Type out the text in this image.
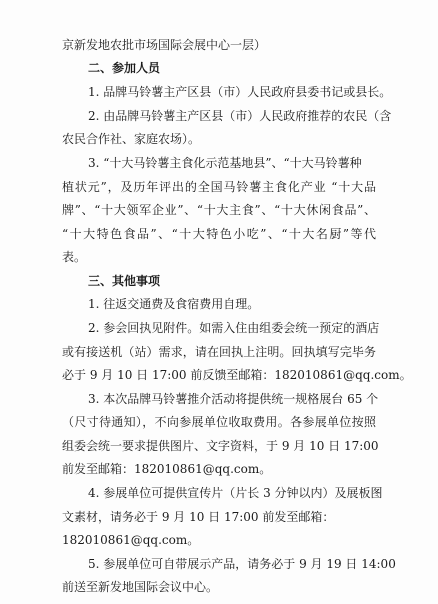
京新发地农批市场国际会展中心一层）
二、参加人员
1. 品牌马铃薯主产区县（市）人民政府县委书记或县长。
2. 由品牌马铃薯主产区县（市）人民政府推荐的农民（含
农民合作社、家庭农场）。
3. “十大马铃薯主食化示范基地县”、“十大马铃薯种
植状元”，及历年评出的全国马铃薯主食化产业 “十大品
牌”、“十大领军企业”、“十大主食”、“十大休闲食品”、
“十大特色食品”、“十大特色小吃”、“十大名厨”等代
表。
三、其他事项
1. 往返交通费及食宿费用自理。
2. 参会回执见附件。如需入住由组委会统一预定的酒店
或有接送机（站）需求，请在回执上注明。回执填写完毕务
必于 9 月 10 日 17:00 前反馈至邮箱：182010861@qq.com。
3. 本次品牌马铃薯推介活动将提供统一规格展台 65 个
（尺寸待通知），不向参展单位收取费用。各参展单位按照
组委会统一要求提供图片、文字资料，于 9 月 10 日 17:00
前发至邮箱：182010861@qq.com。
4. 参展单位可提供宣传片（片长 3 分钟以内）及展板图
文素材，请务必于 9 月 10 日 17:00 前发至邮箱：
182010861@qq.com。
5. 参展单位可自带展示产品，请务必于 9 月 19 日 14:00
前送至新发地国际会议中心。
